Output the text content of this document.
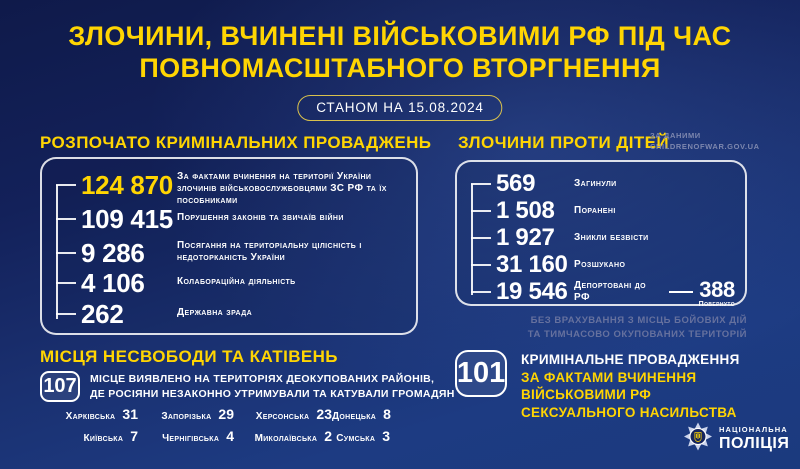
ЗЛОЧИНИ, ВЧИНЕНІ ВІЙСЬКОВИМИ РФ ПІД ЧАС
ПОВНОМАСШТАБНОГО ВТОРГНЕННЯ
СТАНОМ НА 15.08.2024
РОЗПОЧАТО КРИМІНАЛЬНИХ ПРОВАДЖЕНЬ
124 870 За фактами вчинення на території України злочинів військовослужбовцями ЗС РФ та їх пособниками
109 415 Порушення законів та звичаїв війни
9 286	Посягання на територіальну цілісність і недоторканість України
4 106	Колабораційна діяльність
262	Державна зрада
ЗЛОЧИНИ ПРОТИ ДІТЕЙ
ЗА ДАНИМИ
CHILDRENOFWAR.GOV.UA
569	Загинули
1 508	Поранені
1 927	Зникли безвісти
31 160 Розшукано
19 546 Депортовані до РФ	388
Повернуто
БЕЗ ВРАХУВАННЯ З МІСЦЬ БОЙОВИХ ДІЙ
ТА ТИМЧАСОВО ОКУПОВАНИХ ТЕРИТОРІЙ
МІСЦЯ НЕСВОБОДИ ТА КАТІВЕНЬ
107	МІСЦЕ ВИЯВЛЕНО НА ТЕРИТОРІЯХ ДЕОКУПОВАНИХ РАЙОНІВ,
ДЕ РОСІЯНИ НЕЗАКОННО УТРИМУВАЛИ ТА КАТУВАЛИ ГРОМАДЯН
Харківська 31	Запорізька 29	Херсонська 23 Донецька 8
Київська 7	Чернігівська 4	Миколаївська 2 Сумська 3
101 КРИМІНАЛЬНЕ ПРОВАДЖЕННЯ
ЗА ФАКТАМИ ВЧИНЕННЯ
ВІЙСЬКОВИМИ РФ
СЕКСУАЛЬНОГО НАСИЛЬСТВА
НАЦІОНАЛЬНА
ПОЛІЦІЯ
